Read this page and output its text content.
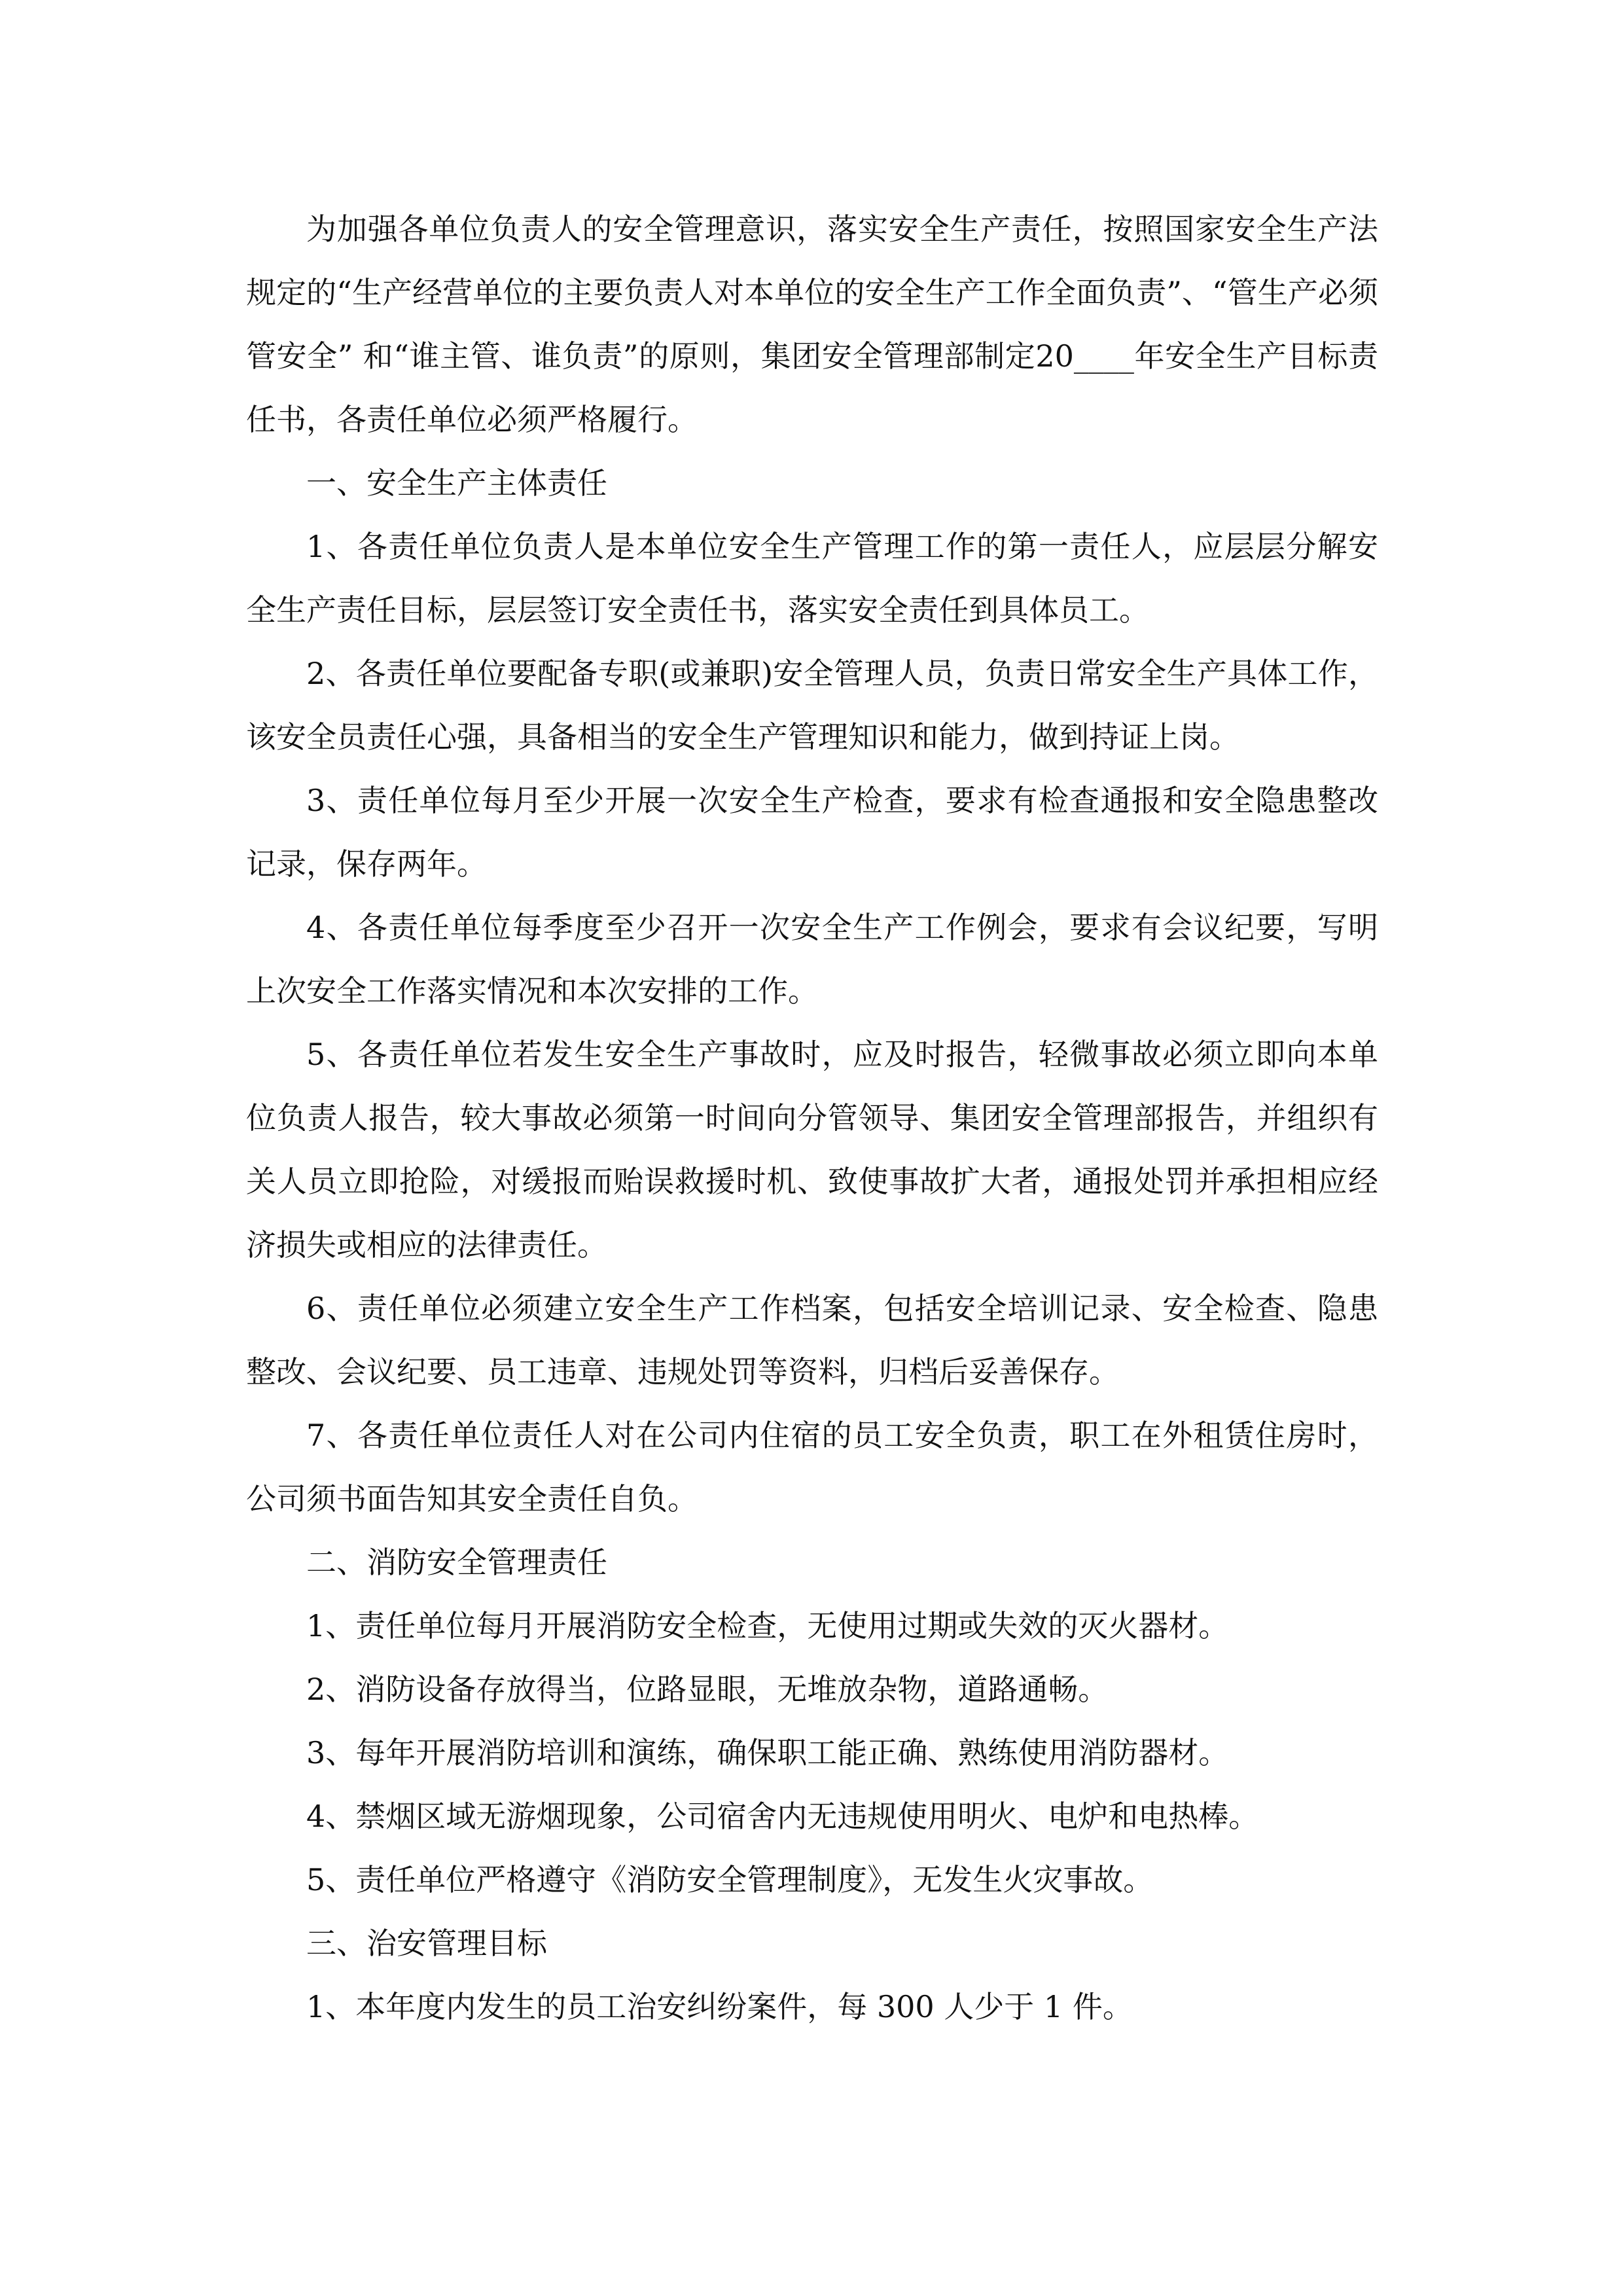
为加强各单位负责人的安全管理意识，落实安全生产责任，按照国家安全生产法规定的“生产经营单位的主要负责人对本单位的安全生产工作全面负责”、“管生产必须管安全” 和“谁主管、谁负责”的原则，集团安全管理部制定20____年安全生产目标责任书，各责任单位必须严格履行。

一、安全生产主体责任

1、各责任单位负责人是本单位安全生产管理工作的第一责任人，应层层分解安全生产责任目标，层层签订安全责任书，落实安全责任到具体员工。

2、各责任单位要配备专职(或兼职)安全管理人员，负责日常安全生产具体工作，该安全员责任心强，具备相当的安全生产管理知识和能力，做到持证上岗。

3、责任单位每月至少开展一次安全生产检查，要求有检查通报和安全隐患整改记录，保存两年。

4、各责任单位每季度至少召开一次安全生产工作例会，要求有会议纪要，写明上次安全工作落实情况和本次安排的工作。

5、各责任单位若发生安全生产事故时，应及时报告，轻微事故必须立即向本单位负责人报告，较大事故必须第一时间向分管领导、集团安全管理部报告，并组织有关人员立即抢险，对缓报而贻误救援时机、致使事故扩大者，通报处罚并承担相应经济损失或相应的法律责任。

6、责任单位必须建立安全生产工作档案，包括安全培训记录、安全检查、隐患整改、会议纪要、员工违章、违规处罚等资料，归档后妥善保存。

7、各责任单位责任人对在公司内住宿的员工安全负责，职工在外租赁住房时，公司须书面告知其安全责任自负。

二、消防安全管理责任

1、责任单位每月开展消防安全检查，无使用过期或失效的灭火器材。

2、消防设备存放得当，位路显眼，无堆放杂物，道路通畅。

3、每年开展消防培训和演练，确保职工能正确、熟练使用消防器材。

4、禁烟区域无游烟现象，公司宿舍内无违规使用明火、电炉和电热棒。

5、责任单位严格遵守《消防安全管理制度》，无发生火灾事故。

三、治安管理目标

1、本年度内发生的员工治安纠纷案件，每 300 人少于 1 件。
